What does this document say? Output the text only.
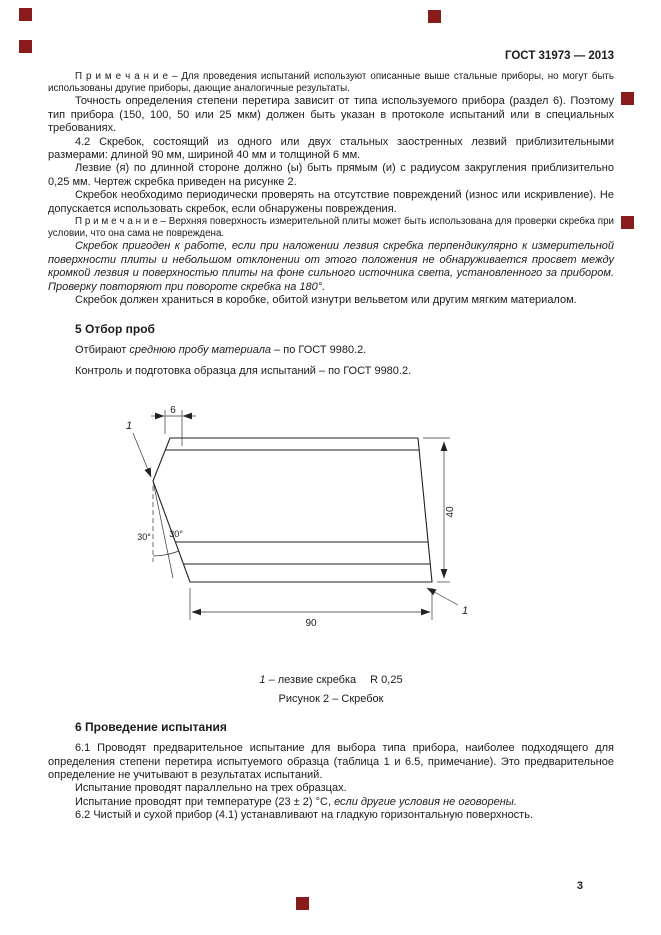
ГОСТ 31973 — 2013

П р и м е ч а н и е – Для проведения испытаний используют описанные выше стальные приборы, но могут быть использованы другие приборы, дающие аналогичные результаты.

Точность определения степени перетира зависит от типа используемого прибора (раздел 6). Поэтому тип прибора (150, 100, 50 или 25 мкм) должен быть указан в протоколе испытаний или в специальных требованиях.

4.2 Скребок, состоящий из одного или двух стальных заостренных лезвий приблизительными размерами: длиной 90 мм, шириной 40 мм и толщиной 6 мм.

Лезвие (я) по длинной стороне должно (ы) быть прямым (и) с радиусом закругления приблизительно 0,25 мм. Чертеж скребка приведен на рисунке 2.

Скребок необходимо периодически проверять на отсутствие повреждений (износ или искривление). Не допускается использовать скребок, если обнаружены повреждения.

П р и м е ч а н и е – Верхняя поверхность измерительной плиты может быть использована для проверки скребка при условии, что она сама не повреждена.

Скребок пригоден к работе, если при наложении лезвия скребка перпендикулярно к измерительной поверхности плиты и небольшом отклонении от этого положения не обнаруживается просвет между кромкой лезвия и поверхностью плиты на фоне сильного источника света, установленного за прибором. Проверку повторяют при повороте скребка на 180°.

Скребок должен храниться в коробке, обитой изнутри вельветом или другим мягким материалом.

5 Отбор проб

Отбирают среднюю пробу материала – по ГОСТ 9980.2.

Контроль и подготовка образца для испытаний – по ГОСТ 9980.2.

1
6
30° 30°
40
90
1

1 – лезвие скребка R 0,25

Рисунок 2 – Скребок

6 Проведение испытания

6.1 Проводят предварительное испытание для выбора типа прибора, наиболее подходящего для определения степени перетира испытуемого образца (таблица 1 и 6.5, примечание). Это предварительное определение не учитывают в результатах испытаний.

Испытание проводят параллельно на трех образцах.

Испытание проводят при температуре (23 ± 2) °С, если другие условия не оговорены.

6.2 Чистый и сухой прибор (4.1) устанавливают на гладкую горизонтальную поверхность.

3
